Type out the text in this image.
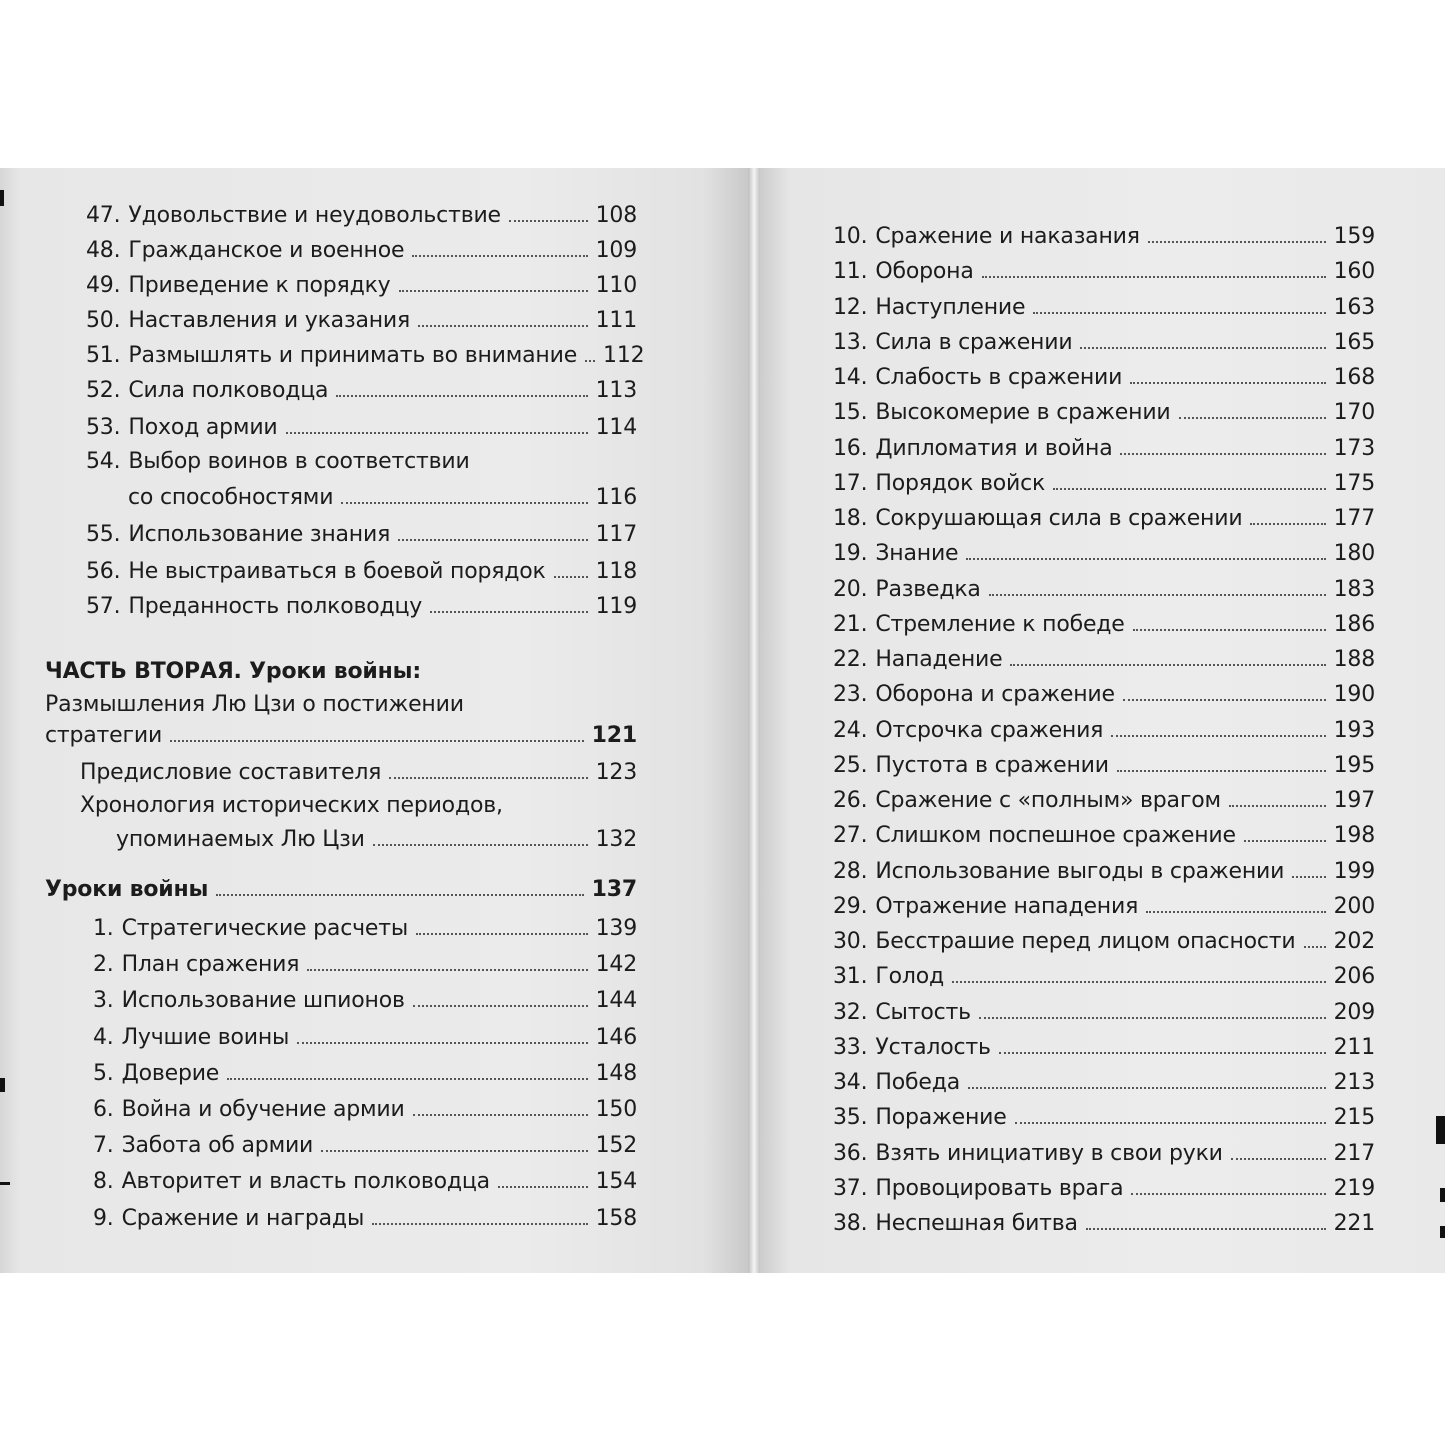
ЧАСТЬ ВТОРАЯ. Уроки войны:
Размышления Лю Цзи о постижении
стратегии	121
Предисловие составителя	123
Хронология исторических периодов,
упоминаемых Лю Цзи	132
Уроки войны	137
47. Удовольствие и неудовольствие	108
48. Гражданское и военное	109
49. Приведение к порядку	110
50. Наставления и указания	111
51. Размышлять и принимать во внимание 112
52. Сила полководца	113
53. Поход армии	114
54. Выбор воинов в соответствии
со способностями	116
55. Использование знания	117
56. Не выстраиваться в боевой порядок 118
57. Преданность полководцу	119
1. Стратегические расчеты	139
2. План сражения	142
3. Использование шпионов	144
4. Лучшие воины	146
5. Доверие	148
6. Война и обучение армии	150
7. Забота об армии	152
8. Авторитет и власть полководца	154
9. Сражение и награды	158
10. Сражение и наказания	159
11. Оборона	160
12. Наступление	163
13. Сила в сражении	165
14. Слабость в сражении	168
15. Высокомерие в сражении	170
16. Дипломатия и война	173
17. Порядок войск	175
18. Сокрушающая сила в сражении	177
19. Знание	180
20. Разведка	183
21. Стремление к победе	186
22. Нападение	188
23. Оборона и сражение	190
24. Отсрочка сражения	193
25. Пустота в сражении	195
26. Сражение с «полным» врагом	197
27. Слишком поспешное сражение	198
28. Использование выгоды в сражении 199
29. Отражение нападения	200
30. Бесстрашие перед лицом опасности 202
31. Голод	206
32. Сытость	209
33. Усталость	211
34. Победа	213
35. Поражение	215
36. Взять инициативу в свои руки	217
37. Провоцировать врага	219
38. Неспешная битва	221
